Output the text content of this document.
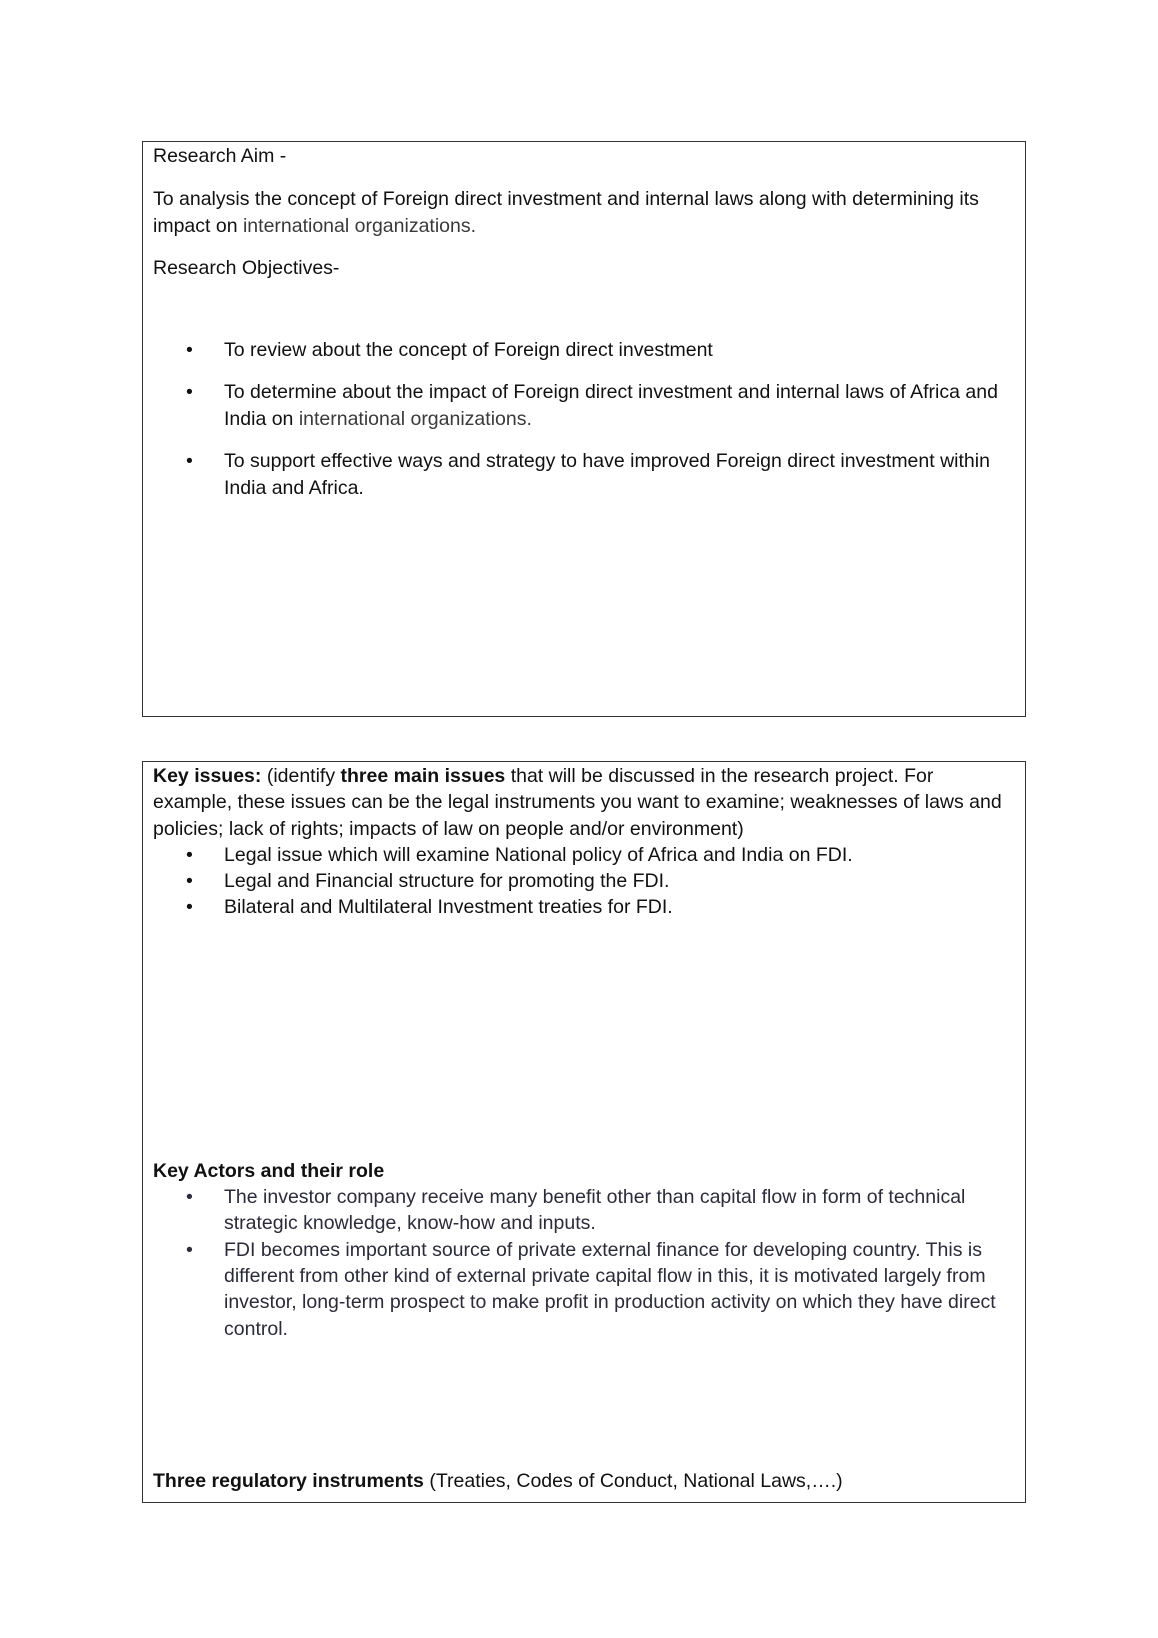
Research Aim -

To analysis the concept of Foreign direct investment and internal laws along with determining its impact on international organizations.

Research Objectives-

• To review about the concept of Foreign direct investment
• To determine about the impact of Foreign direct investment and internal laws of Africa and India on international organizations.
• To support effective ways and strategy to have improved Foreign direct investment within India and Africa.

Key issues: (identify three main issues that will be discussed in the research project. For example, these issues can be the legal instruments you want to examine; weaknesses of laws and policies; lack of rights; impacts of law on people and/or environment)

• Legal issue which will examine National policy of Africa and India on FDI.
• Legal and Financial structure for promoting the FDI.
• Bilateral and Multilateral Investment treaties for FDI.

Key Actors and their role

• The investor company receive many benefit other than capital flow in form of technical strategic knowledge, know-how and inputs.
• FDI becomes important source of private external finance for developing country. This is different from other kind of external private capital flow in this, it is motivated largely from investor, long-term prospect to make profit in production activity on which they have direct control.

Three regulatory instruments (Treaties, Codes of Conduct, National Laws,….)
